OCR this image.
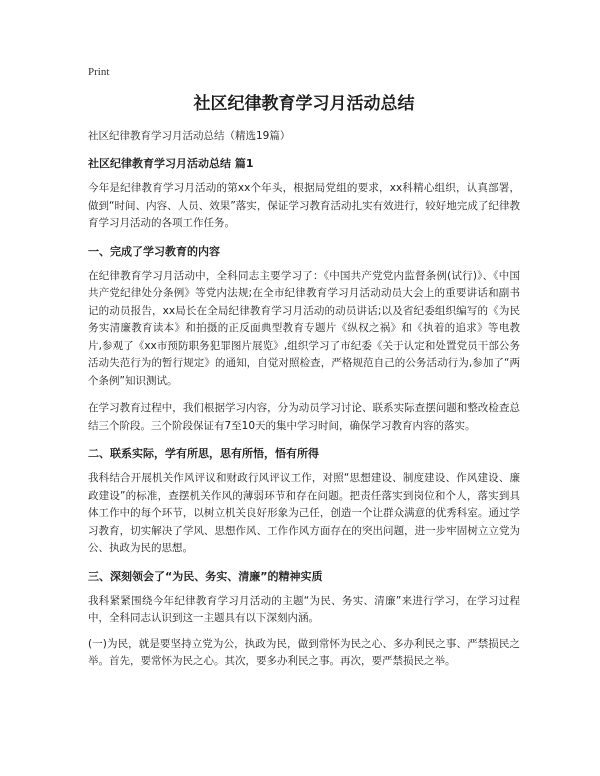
Print
社区纪律教育学习月活动总结
社区纪律教育学习月活动总结（精选19篇）
社区纪律教育学习月活动总结 篇1
今年是纪律教育学习月活动的第xx个年头，根据局党组的要求，xx科精心组织，认真部署，做到“时间、内容、人员、效果”落实，保证学习教育活动扎实有效进行，较好地完成了纪律教育学习月活动的各项工作任务。
一、完成了学习教育的内容
在纪律教育学习月活动中，全科同志主要学习了：《中国共产党党内监督条例(试行)》、《中国共产党纪律处分条例》等党内法规;在全市纪律教育学习月活动动员大会上的重要讲话和副书记的动员报告，xx局长在全局纪律教育学习月活动的动员讲话;以及省纪委组织编写的《为民务实清廉教育读本》和拍摄的正反面典型教育专题片《纵权之祸》和《执着的追求》等电教片,参观了《xx市预防职务犯罪图片展览》,组织学习了市纪委《关于认定和处置党员干部公务活动失范行为的暂行规定》的通知，自觉对照检查，严格规范自己的公务活动行为,参加了“两个条例”知识测试。
在学习教育过程中，我们根据学习内容，分为动员学习讨论、联系实际查摆问题和整改检查总结三个阶段。三个阶段保证有7至10天的集中学习时间，确保学习教育内容的落实。
二、联系实际，学有所思，思有所悟，悟有所得
我科结合开展机关作风评议和财政行风评议工作，对照“思想建设、制度建设、作风建设、廉政建设”的标准，查摆机关作风的薄弱环节和存在问题。把责任落实到岗位和个人，落实到具体工作中的每个环节，以树立机关良好形象为己任，创造一个让群众满意的优秀科室。通过学习教育，切实解决了学风、思想作风、工作作风方面存在的突出问题，进一步牢固树立立党为公、执政为民的思想。
三、深刻领会了“为民、务实、清廉”的精神实质
我科紧紧围绕今年纪律教育学习月活动的主题“为民、务实、清廉”来进行学习，在学习过程中，全科同志认识到这一主题具有以下深刻内涵。
(一)为民，就是要坚持立党为公，执政为民，做到常怀为民之心、多办利民之事、严禁损民之举。首先，要常怀为民之心。其次，要多办利民之事。再次，要严禁损民之举。
